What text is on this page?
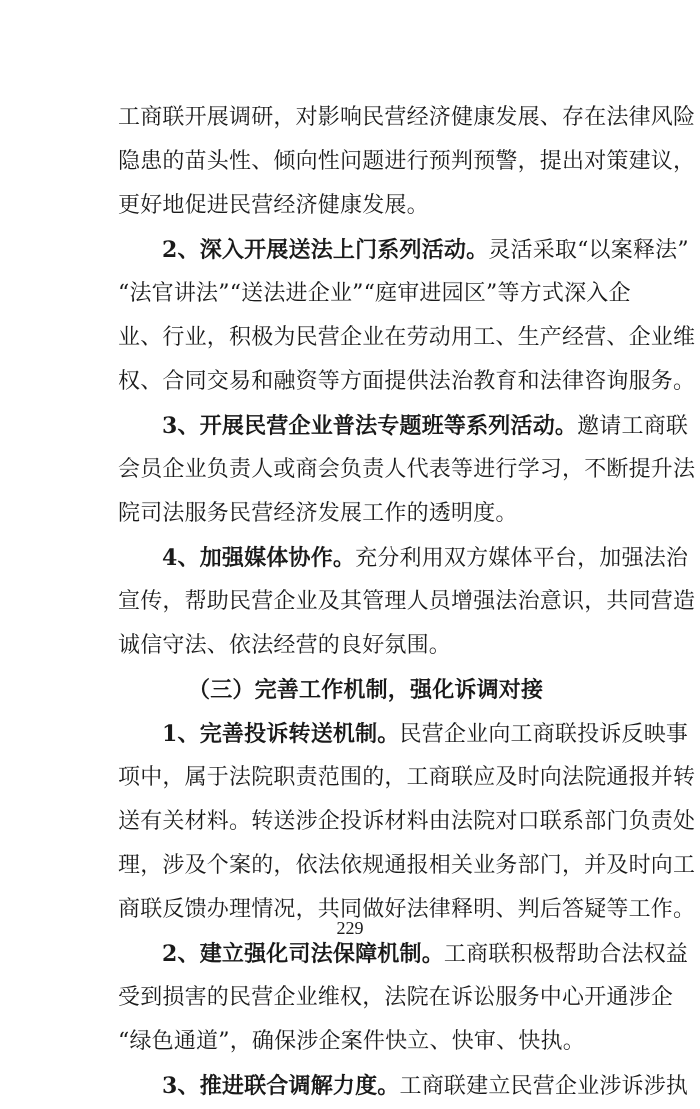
工商联开展调研，对影响民营经济健康发展、存在法律风险
隐患的苗头性、倾向性问题进行预判预警，提出对策建议，
更好地促进民营经济健康发展。
2、深入开展送法上门系列活动。灵活采取“以案释法”
“法官讲法”“送法进企业”“庭审进园区”等方式深入企
业、行业，积极为民营企业在劳动用工、生产经营、企业维
权、合同交易和融资等方面提供法治教育和法律咨询服务。
3、开展民营企业普法专题班等系列活动。邀请工商联
会员企业负责人或商会负责人代表等进行学习，不断提升法
院司法服务民营经济发展工作的透明度。
4、加强媒体协作。充分利用双方媒体平台，加强法治
宣传，帮助民营企业及其管理人员增强法治意识，共同营造
诚信守法、依法经营的良好氛围。
（三）完善工作机制，强化诉调对接
1、完善投诉转送机制。民营企业向工商联投诉反映事
项中，属于法院职责范围的，工商联应及时向法院通报并转
送有关材料。转送涉企投诉材料由法院对口联系部门负责处
理，涉及个案的，依法依规通报相关业务部门，并及时向工
商联反馈办理情况，共同做好法律释明、判后答疑等工作。
2、建立强化司法保障机制。工商联积极帮助合法权益
受到损害的民营企业维权，法院在诉讼服务中心开通涉企
“绿色通道”，确保涉企案件快立、快审、快执。
3、推进联合调解力度。工商联建立民营企业涉诉涉执
229
